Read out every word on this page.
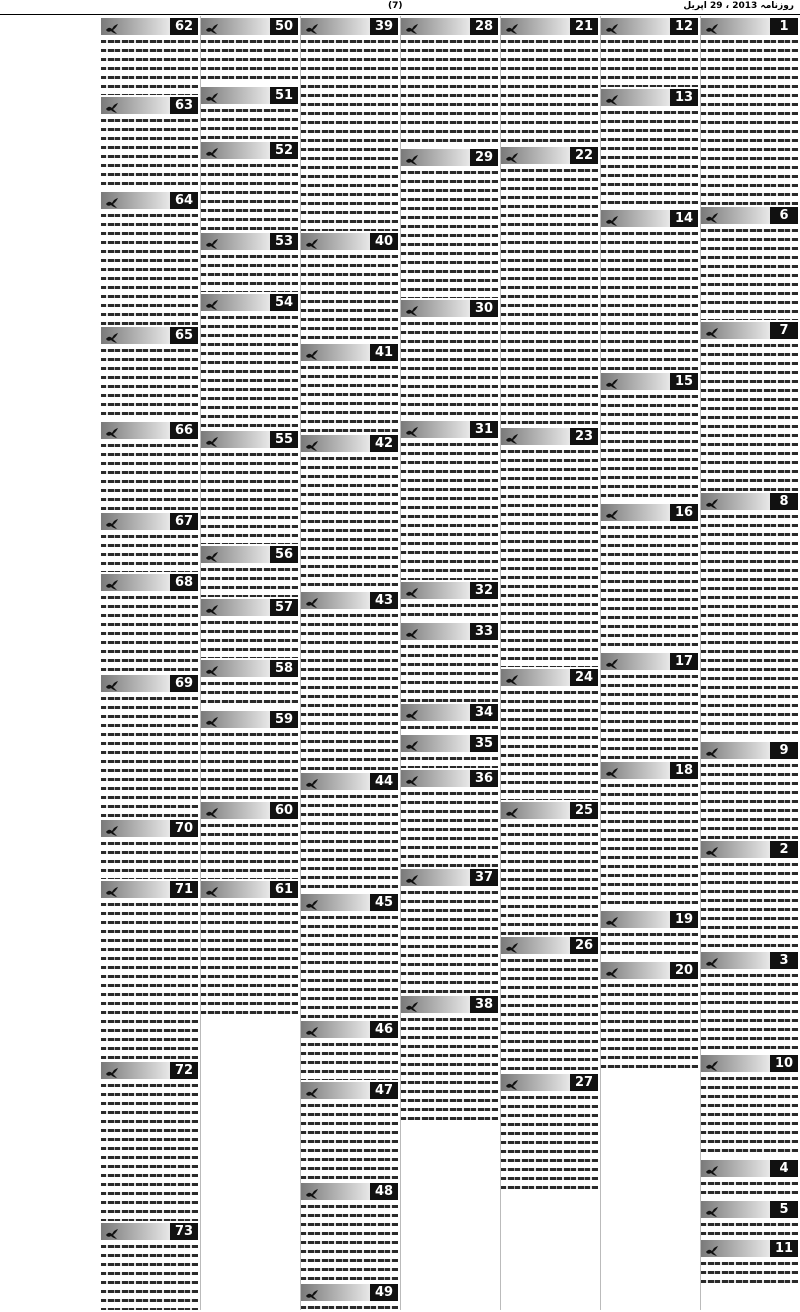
(7)	روزنامہ 2013 ، 29 اپریل
1
6
7
8
9
2
3
10
4
5
11
12
13
14
15
16
17
18
19
20
21
22
23
24
25
26
27
28
29
30
31
32
33
34
35
36
37
38
39
40
41
42
43
44
45
46
47
48
49
50
51
52
53
54
55
56
57
58
59
60
61
62
63
64
65
66
67
68
69
70
71
72
73
